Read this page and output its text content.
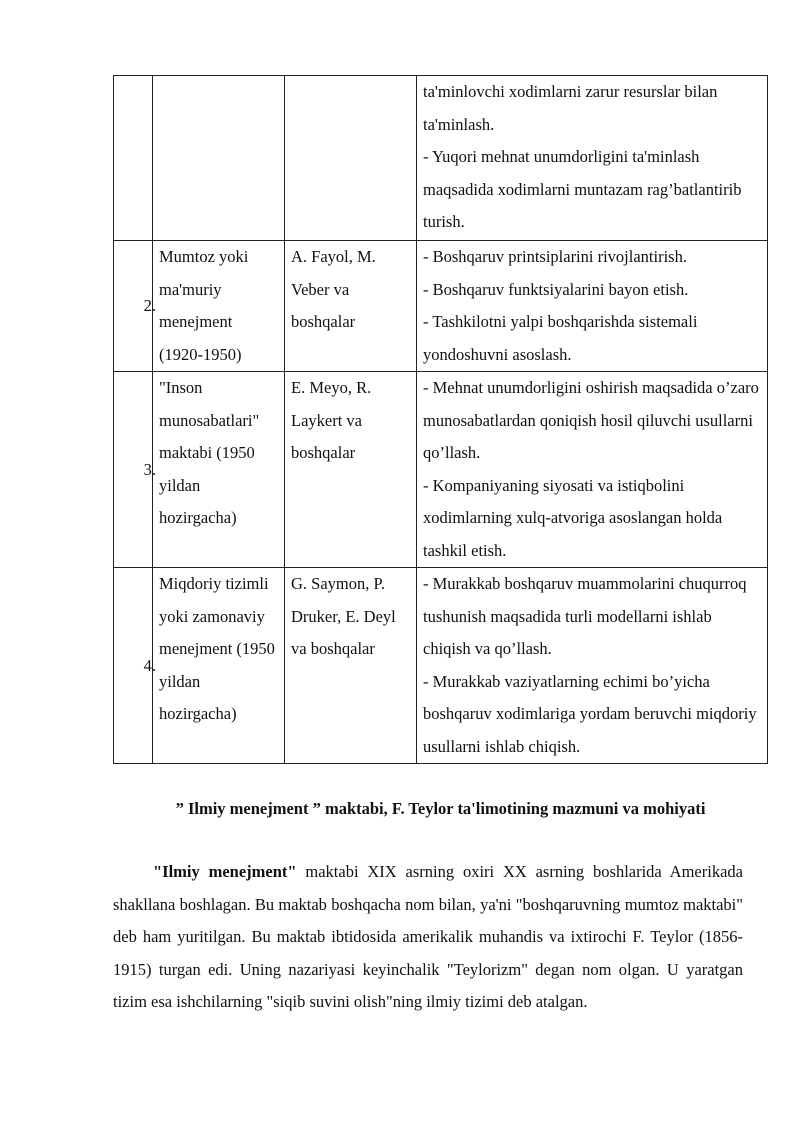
			ta'minlovchi xodimlarni zarur resurslar bilan ta'minlash.
- Yuqori mehnat unumdorligini ta'minlash maqsadida xodimlarni muntazam rag’batlantirib turish.

2.	Mumtoz yoki ma'muriy menejment (1920-1950)	A. Fayol, M. Veber va boshqalar	- Boshqaruv printsiplarini rivojlantirish.
- Boshqaruv funktsiyalarini bayon etish.
- Tashkilotni yalpi boshqarishda sistemali yondoshuvni asoslash.

3.	"Inson munosabatlari" maktabi (1950 yildan hozirgacha)	E. Meyo, R. Laykert va boshqalar	- Mehnat unumdorligini oshirish maqsadida o’zaro munosabatlardan qoniqish hosil qiluvchi usullarni qo’llash.
- Kompaniyaning siyosati va istiqbolini xodimlarning xulq-atvoriga asoslangan holda tashkil etish.

4.	Miqdoriy tizimli yoki zamonaviy menejment (1950 yildan hozirgacha)	G. Saymon, P. Druker, E. Deyl va boshqalar	- Murakkab boshqaruv muammolarini chuqurroq tushunish maqsadida turli modellarni ishlab chiqish va qo’llash.
- Murakkab vaziyatlarning echimi bo’yicha boshqaruv xodimlariga yordam beruvchi miqdoriy usullarni ishlab chiqish.
” Ilmiy menejment ” maktabi, F. Teylor ta'limotining mazmuni va mohiyati

"Ilmiy menejment" maktabi XIX asrning oxiri XX asrning boshlarida Amerikada shakllana boshlagan. Bu maktab boshqacha nom bilan, ya'ni "boshqaruvning mumtoz maktabi" deb ham yuritilgan. Bu maktab ibtidosida amerikalik muhandis va ixtirochi F. Teylor (1856-1915) turgan edi. Uning nazariyasi keyinchalik "Teylorizm" degan nom olgan. U yaratgan tizim esa ishchilarning "siqib suvini olish"ning ilmiy tizimi deb atalgan.
